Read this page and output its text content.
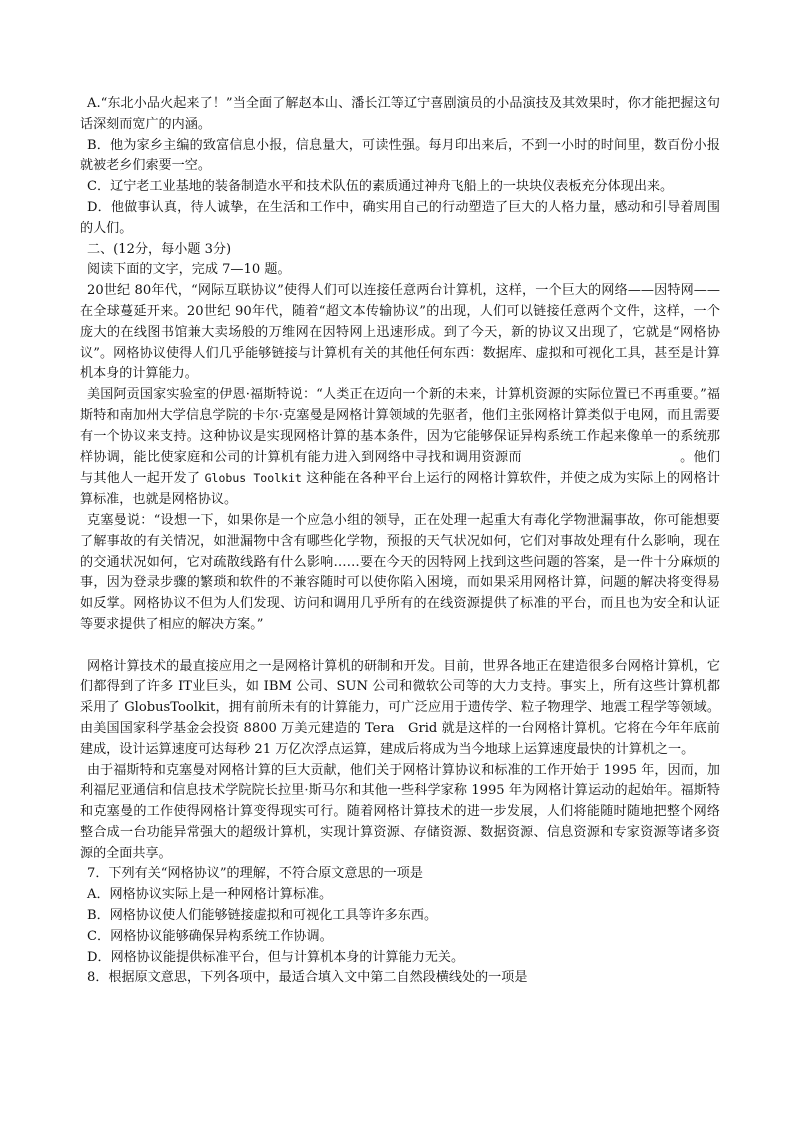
A.“东北小品火起来了！”当全面了解赵本山、潘长江等辽宁喜剧演员的小品演技及其效果时，你才能把握这句话深刻而宽广的内涵。

B．他为家乡主编的致富信息小报，信息量大，可读性强。每月印出来后，不到一小时的时间里，数百份小报就被老乡们索要一空。

C．辽宁老工业基地的装备制造水平和技术队伍的素质通过神舟飞船上的一块块仪表板充分体现出来。

D．他做事认真，待人诚挚，在生活和工作中，确实用自己的行动塑造了巨大的人格力量，感动和引导着周围的人们。

二、(12分，每小题 3分)

阅读下面的文字，完成 7—10 题。

20世纪 80年代，“网际互联协议”使得人们可以连接任意两台计算机，这样，一个巨大的网络——因特网——在全球蔓延开来。20世纪 90年代，随着“超文本传输协议”的出现，人们可以链接任意两个文件，这样，一个庞大的在线图书馆兼大卖场般的万维网在因特网上迅速形成。到了今天，新的协议又出现了，它就是“网格协议”。网格协议使得人们几乎能够链接与计算机有关的其他任何东西：数据库、虚拟和可视化工具，甚至是计算机本身的计算能力。

美国阿贡国家实验室的伊恩·福斯特说：“人类正在迈向一个新的未来，计算机资源的实际位置已不再重要。”福斯特和南加州大学信息学院的卡尔·克塞曼是网格计算领域的先驱者，他们主张网格计算类似于电网，而且需要有一个协议来支持。这种协议是实现网格计算的基本条件，因为它能够保证异构系统工作起来像单一的系统那样协调，能比使家庭和公司的计算机有能力进入到网络中寻找和调用资源而	。他们与其他人一起开发了 Globus Toolkit 这种能在各种平台上运行的网格计算软件，并使之成为实际上的网格计算标准，也就是网格协议。

克塞曼说：“设想一下，如果你是一个应急小组的领导，正在处理一起重大有毒化学物泄漏事故，你可能想要了解事故的有关情况，如泄漏物中含有哪些化学物，预报的天气状况如何，它们对事故处理有什么影响，现在的交通状况如何，它对疏散线路有什么影响……要在今天的因特网上找到这些问题的答案，是一件十分麻烦的事，因为登录步骤的繁琐和软件的不兼容随时可以使你陷入困境，而如果采用网格计算，问题的解决将变得易如反掌。网格协议不但为人们发现、访问和调用几乎所有的在线资源提供了标准的平台，而且也为安全和认证等要求提供了相应的解决方案。”

网格计算技术的最直接应用之一是网格计算机的研制和开发。目前，世界各地正在建造很多台网格计算机，它们都得到了许多 IT业巨头，如 IBM 公司、SUN 公司和微软公司等的大力支持。事实上，所有这些计算机都采用了 GlobusToolkit，拥有前所未有的计算能力，可广泛应用于遗传学、粒子物理学、地震工程学等领域。由美国国家科学基金会投资 8800 万美元建造的 Tera　Grid 就是这样的一台网格计算机。它将在今年年底前建成，设计运算速度可达每秒 21 万亿次浮点运算，建成后将成为当今地球上运算速度最快的计算机之一。

由于福斯特和克塞曼对网格计算的巨大贡献，他们关于网格计算协议和标准的工作开始于 1995 年，因而，加利福尼亚通信和信息技术学院院长拉里·斯马尔和其他一些科学家称 1995 年为网格计算运动的起始年。福斯特和克塞曼的工作使得网格计算变得现实可行。随着网格计算技术的进一步发展，人们将能随时随地把整个网络整合成一台功能异常强大的超级计算机，实现计算资源、存储资源、数据资源、信息资源和专家资源等诸多资源的全面共享。

7．下列有关“网格协议”的理解，不符合原文意思的一项是

A．网格协议实际上是一种网格计算标准。

B．网格协议使人们能够链接虚拟和可视化工具等许多东西。

C．网格协议能够确保异构系统工作协调。

D．网格协议能提供标准平台，但与计算机本身的计算能力无关。

8．根据原文意思，下列各项中，最适合填入文中第二自然段横线处的一项是
